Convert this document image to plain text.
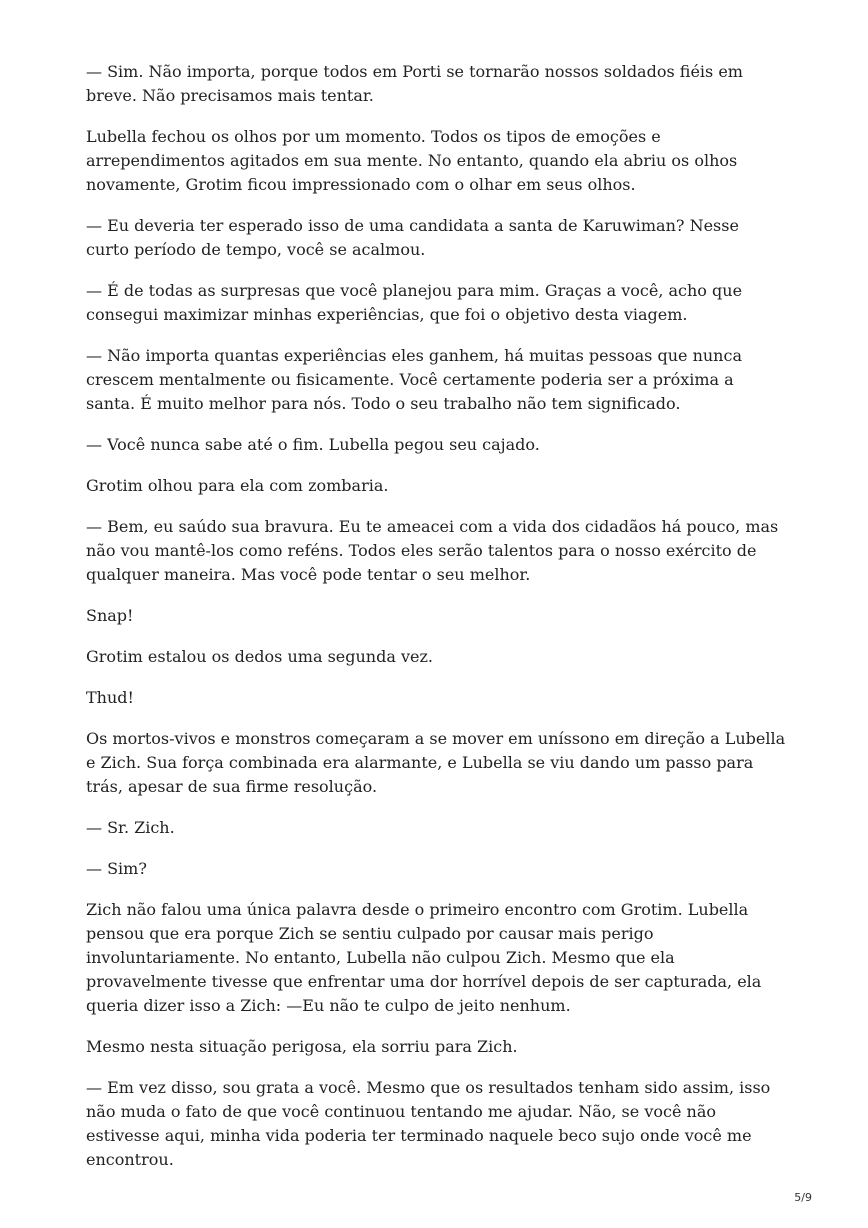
— Sim. Não importa, porque todos em Porti se tornarão nossos soldados fiéis em breve. Não precisamos mais tentar.

Lubella fechou os olhos por um momento. Todos os tipos de emoções e arrependimentos agitados em sua mente. No entanto, quando ela abriu os olhos novamente, Grotim ficou impressionado com o olhar em seus olhos.

— Eu deveria ter esperado isso de uma candidata a santa de Karuwiman? Nesse curto período de tempo, você se acalmou.

— É de todas as surpresas que você planejou para mim. Graças a você, acho que consegui maximizar minhas experiências, que foi o objetivo desta viagem.

— Não importa quantas experiências eles ganhem, há muitas pessoas que nunca crescem mentalmente ou fisicamente. Você certamente poderia ser a próxima a santa. É muito melhor para nós. Todo o seu trabalho não tem significado.

— Você nunca sabe até o fim. Lubella pegou seu cajado.

Grotim olhou para ela com zombaria.

— Bem, eu saúdo sua bravura. Eu te ameacei com a vida dos cidadãos há pouco, mas não vou mantê-los como reféns. Todos eles serão talentos para o nosso exército de qualquer maneira. Mas você pode tentar o seu melhor.

Snap!

Grotim estalou os dedos uma segunda vez.

Thud!

Os mortos-vivos e monstros começaram a se mover em uníssono em direção a Lubella e Zich. Sua força combinada era alarmante, e Lubella se viu dando um passo para trás, apesar de sua firme resolução.

— Sr. Zich.

— Sim?

Zich não falou uma única palavra desde o primeiro encontro com Grotim. Lubella pensou que era porque Zich se sentiu culpado por causar mais perigo involuntariamente. No entanto, Lubella não culpou Zich. Mesmo que ela provavelmente tivesse que enfrentar uma dor horrível depois de ser capturada, ela queria dizer isso a Zich: —Eu não te culpo de jeito nenhum.

Mesmo nesta situação perigosa, ela sorriu para Zich.

— Em vez disso, sou grata a você. Mesmo que os resultados tenham sido assim, isso não muda o fato de que você continuou tentando me ajudar. Não, se você não estivesse aqui, minha vida poderia ter terminado naquele beco sujo onde você me encontrou.

5/9
